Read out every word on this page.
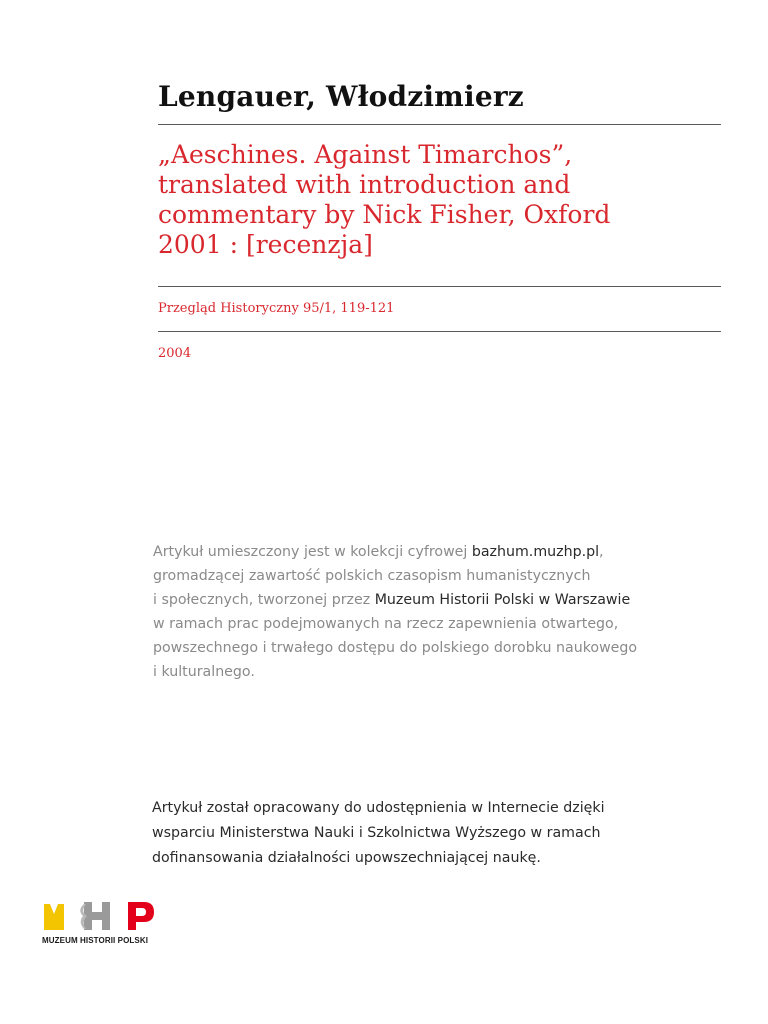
Lengauer, Włodzimierz
„Aeschines. Against Timarchos”,
translated with introduction and
commentary by Nick Fisher, Oxford
2001 : [recenzja]
Przegląd Historyczny 95/1, 119-121
2004

Artykuł umieszczony jest w kolekcji cyfrowej bazhum.muzhp.pl,
gromadzącej zawartość polskich czasopism humanistycznych
i społecznych, tworzonej przez Muzeum Historii Polski w Warszawie
w ramach prac podejmowanych na rzecz zapewnienia otwartego,
powszechnego i trwałego dostępu do polskiego dorobku naukowego
i kulturalnego.

Artykuł został opracowany do udostępnienia w Internecie dzięki
wsparciu Ministerstwa Nauki i Szkolnictwa Wyższego w ramach
dofinansowania działalności upowszechniającej naukę.

MUZEUM HISTORII POLSKI
